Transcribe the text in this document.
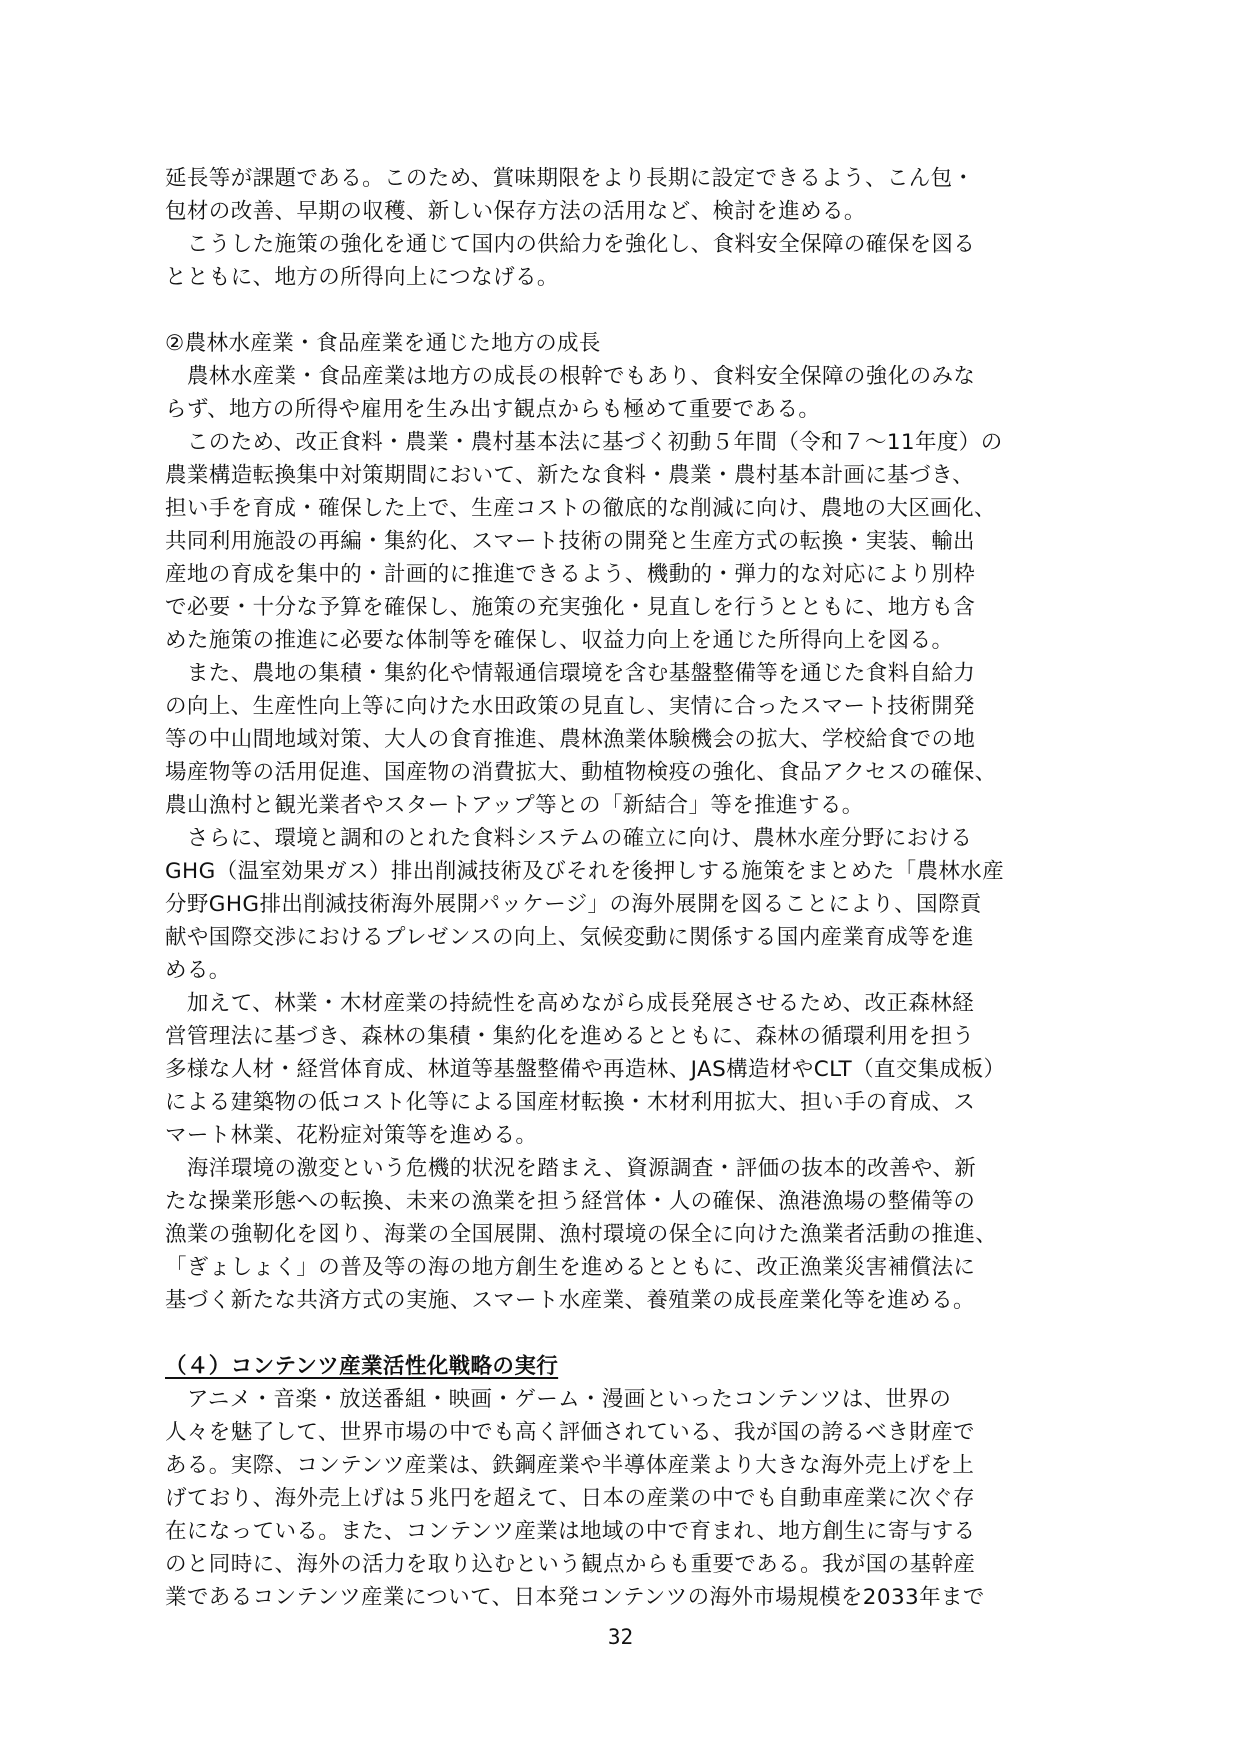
延長等が課題である。このため、賞味期限をより長期に設定できるよう、こん包・
包材の改善、早期の収穫、新しい保存方法の活用など、検討を進める。
　こうした施策の強化を通じて国内の供給力を強化し、食料安全保障の確保を図る
とともに、地方の所得向上につなげる。
②農林水産業・食品産業を通じた地方の成長
　農林水産業・食品産業は地方の成長の根幹でもあり、食料安全保障の強化のみな
らず、地方の所得や雇用を生み出す観点からも極めて重要である。
　このため、改正食料・農業・農村基本法に基づく初動５年間（令和７～11年度）の
農業構造転換集中対策期間において、新たな食料・農業・農村基本計画に基づき、
担い手を育成・確保した上で、生産コストの徹底的な削減に向け、農地の大区画化、
共同利用施設の再編・集約化、スマート技術の開発と生産方式の転換・実装、輸出
産地の育成を集中的・計画的に推進できるよう、機動的・弾力的な対応により別枠
で必要・十分な予算を確保し、施策の充実強化・見直しを行うとともに、地方も含
めた施策の推進に必要な体制等を確保し、収益力向上を通じた所得向上を図る。
　また、農地の集積・集約化や情報通信環境を含む基盤整備等を通じた食料自給力
の向上、生産性向上等に向けた水田政策の見直し、実情に合ったスマート技術開発
等の中山間地域対策、大人の食育推進、農林漁業体験機会の拡大、学校給食での地
場産物等の活用促進、国産物の消費拡大、動植物検疫の強化、食品アクセスの確保、
農山漁村と観光業者やスタートアップ等との「新結合」等を推進する。
　さらに、環境と調和のとれた食料システムの確立に向け、農林水産分野における
GHG（温室効果ガス）排出削減技術及びそれを後押しする施策をまとめた「農林水産
分野GHG排出削減技術海外展開パッケージ」の海外展開を図ることにより、国際貢
献や国際交渉におけるプレゼンスの向上、気候変動に関係する国内産業育成等を進
める。
　加えて、林業・木材産業の持続性を高めながら成長発展させるため、改正森林経
営管理法に基づき、森林の集積・集約化を進めるとともに、森林の循環利用を担う
多様な人材・経営体育成、林道等基盤整備や再造林、JAS構造材やCLT（直交集成板）
による建築物の低コスト化等による国産材転換・木材利用拡大、担い手の育成、ス
マート林業、花粉症対策等を進める。
　海洋環境の激変という危機的状況を踏まえ、資源調査・評価の抜本的改善や、新
たな操業形態への転換、未来の漁業を担う経営体・人の確保、漁港漁場の整備等の
漁業の強靭化を図り、海業の全国展開、漁村環境の保全に向けた漁業者活動の推進、
「ぎょしょく」の普及等の海の地方創生を進めるとともに、改正漁業災害補償法に
基づく新たな共済方式の実施、スマート水産業、養殖業の成長産業化等を進める。
（４）コンテンツ産業活性化戦略の実行
　アニメ・音楽・放送番組・映画・ゲーム・漫画といったコンテンツは、世界の
人々を魅了して、世界市場の中でも高く評価されている、我が国の誇るべき財産で
ある。実際、コンテンツ産業は、鉄鋼産業や半導体産業より大きな海外売上げを上
げており、海外売上げは５兆円を超えて、日本の産業の中でも自動車産業に次ぐ存
在になっている。また、コンテンツ産業は地域の中で育まれ、地方創生に寄与する
のと同時に、海外の活力を取り込むという観点からも重要である。我が国の基幹産
業であるコンテンツ産業について、日本発コンテンツの海外市場規模を2033年まで
32
